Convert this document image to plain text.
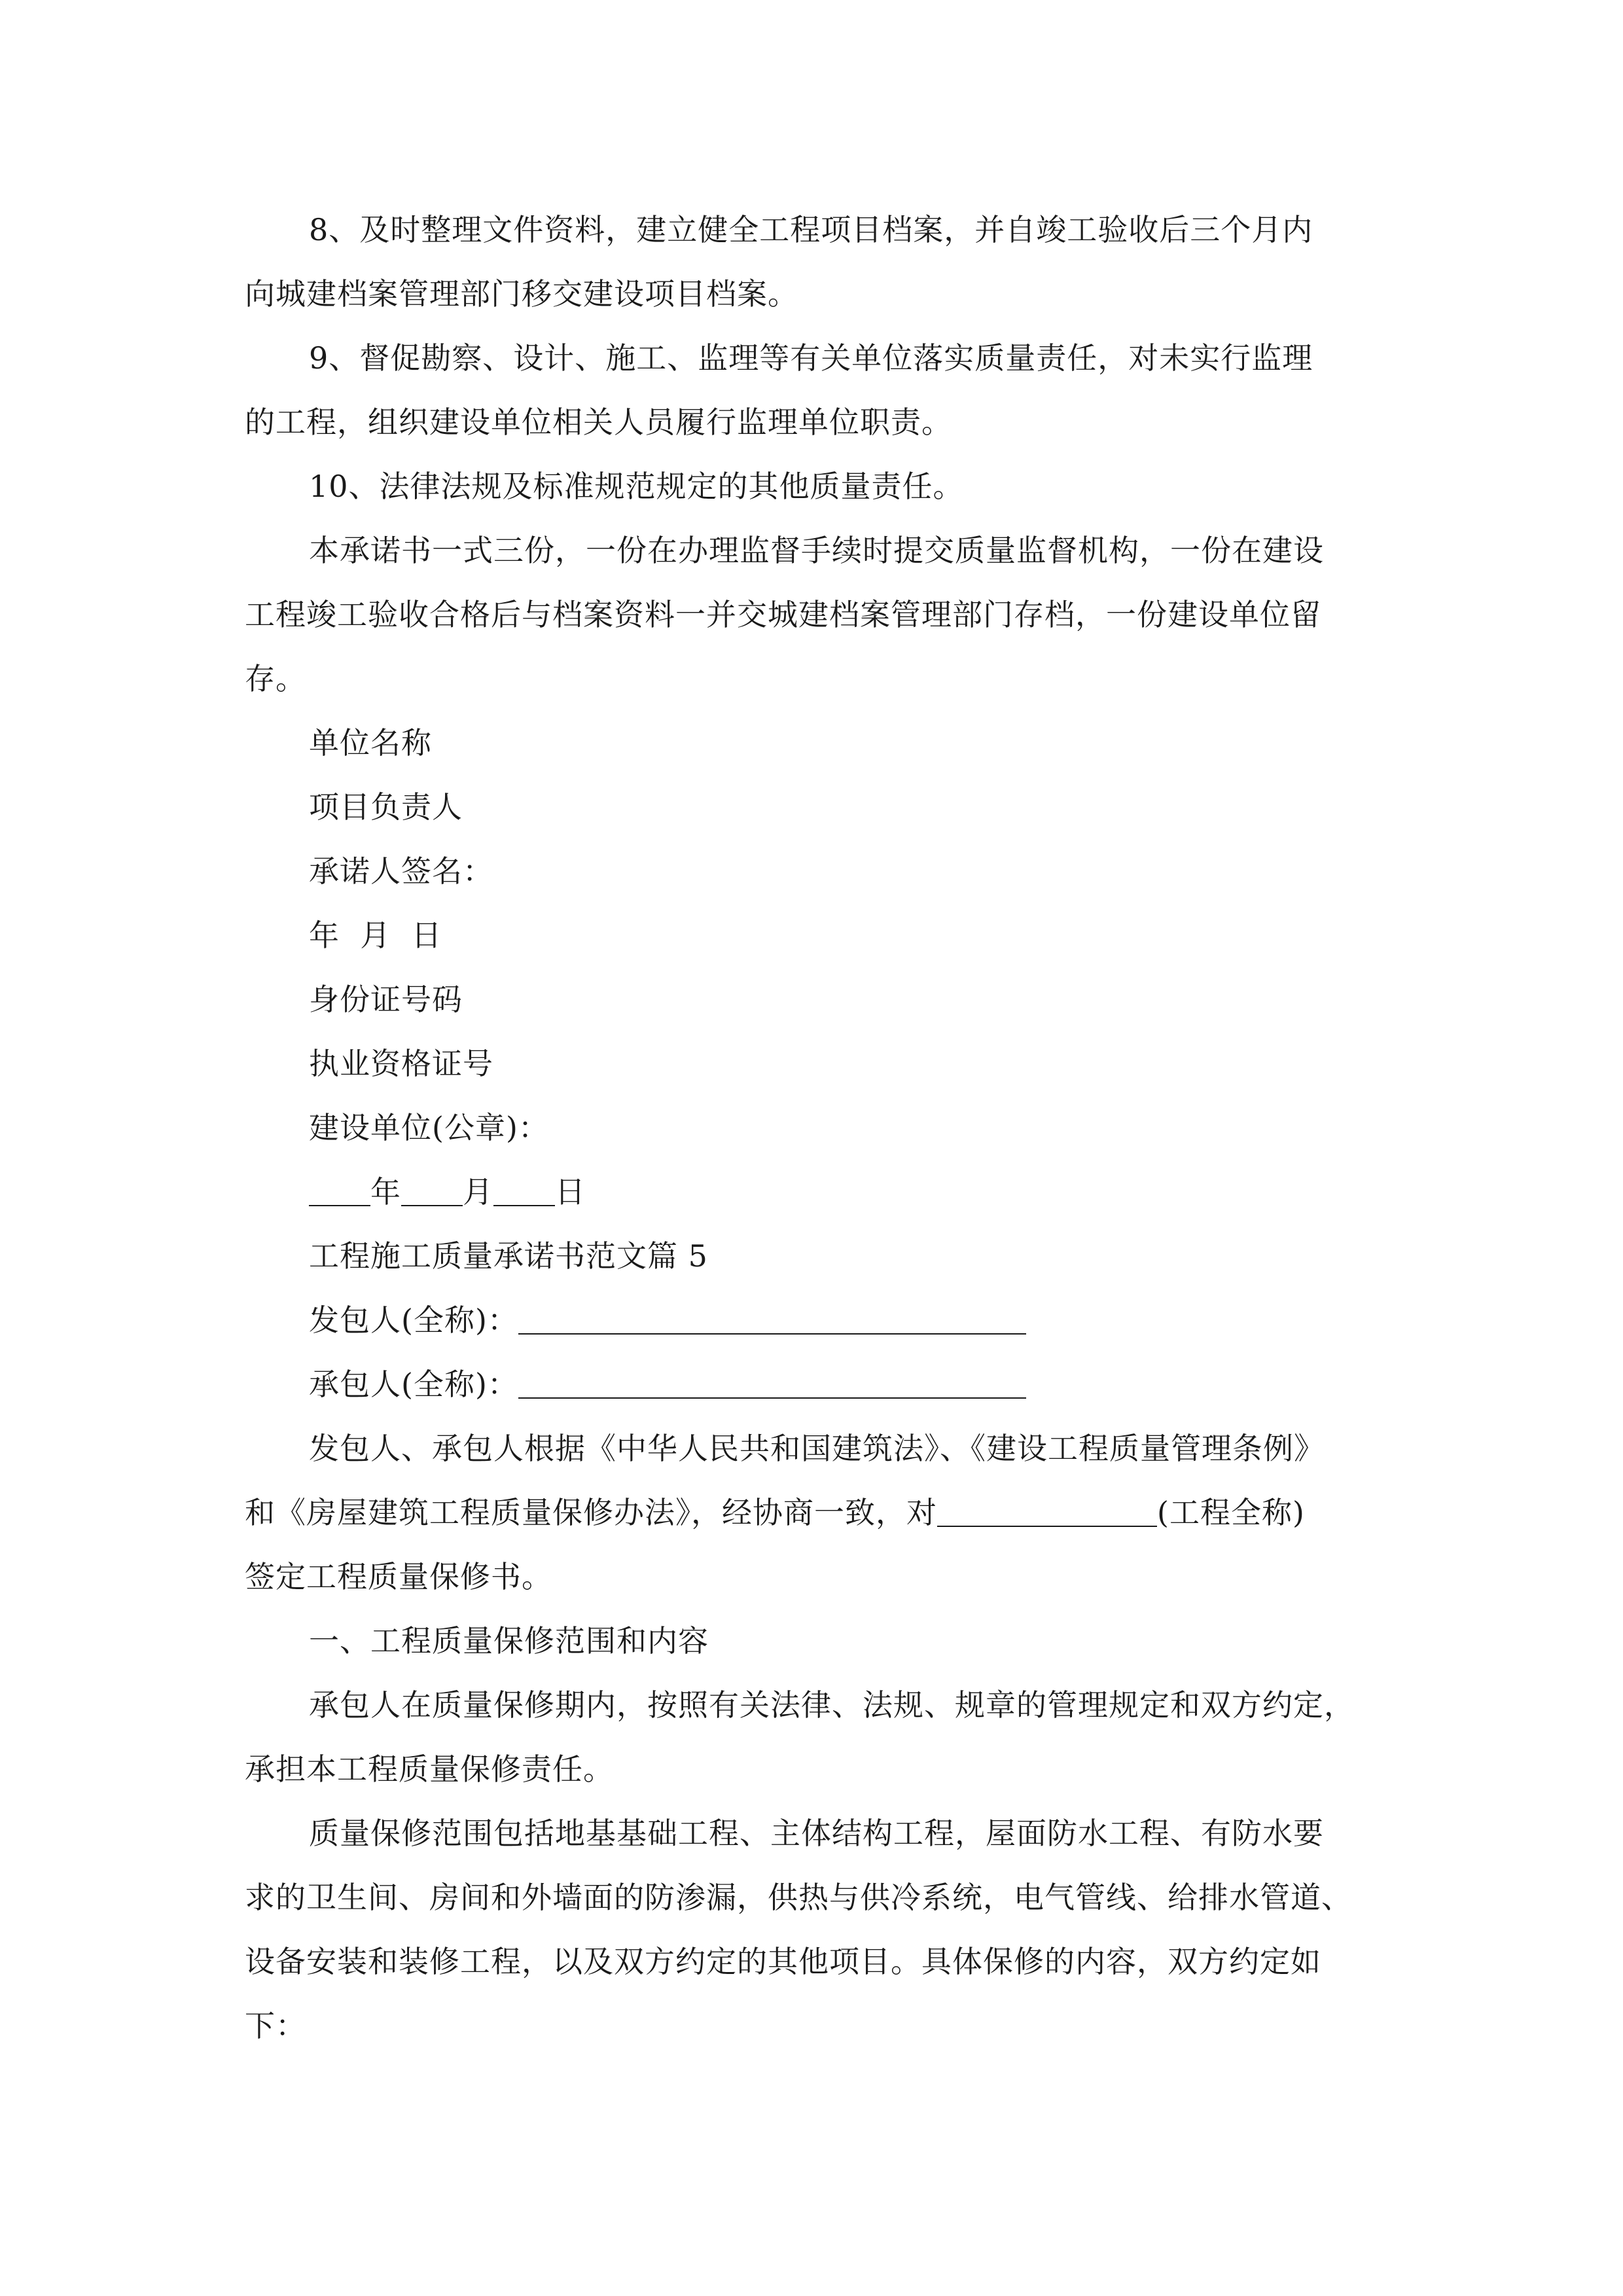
8、及时整理文件资料，建立健全工程项目档案，并自竣工验收后三个月内
向城建档案管理部门移交建设项目档案。
9、督促勘察、设计、施工、监理等有关单位落实质量责任，对未实行监理
的工程，组织建设单位相关人员履行监理单位职责。
10、法律法规及标准规范规定的其他质量责任。
本承诺书一式三份，一份在办理监督手续时提交质量监督机构，一份在建设
工程竣工验收合格后与档案资料一并交城建档案管理部门存档，一份建设单位留
存。
单位名称
项目负责人
承诺人签名：
年  月  日
身份证号码
执业资格证号
建设单位(公章)：
年 月 日
工程施工质量承诺书范文篇 5
发包人(全称)：
承包人(全称)：
发包人、承包人根据《中华人民共和国建筑法》、《建设工程质量管理条例》
和《房屋建筑工程质量保修办法》，经协商一致，对	(工程全称)
签定工程质量保修书。
一、工程质量保修范围和内容
承包人在质量保修期内，按照有关法律、法规、规章的管理规定和双方约定，
承担本工程质量保修责任。
质量保修范围包括地基基础工程、主体结构工程，屋面防水工程、有防水要
求的卫生间、房间和外墙面的防渗漏，供热与供冷系统，电气管线、给排水管道、
设备安装和装修工程，以及双方约定的其他项目。具体保修的内容，双方约定如
下：
